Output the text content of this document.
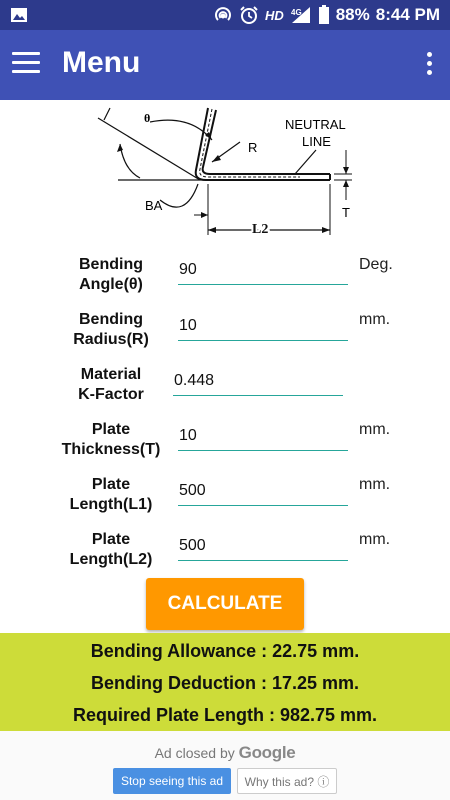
HD 4G 88% 8:44 PM
Menu
θ
R
NEUTRAL
LINE
BA
L2
T
Bending
Angle(θ)
90
Deg.
Bending
Radius(R)
10
mm.
Material
K-Factor
0.448
Plate
Thickness(T)
10
mm.
Plate
Length(L1)
500
mm.
Plate
Length(L2)
500
mm.
CALCULATE
Bending Allowance : 22.75 mm.
Bending Deduction : 17.25 mm.
Required Plate Length : 982.75 mm.
Ad closed by Google
Stop seeing this ad	Why this ad? ⓘ
